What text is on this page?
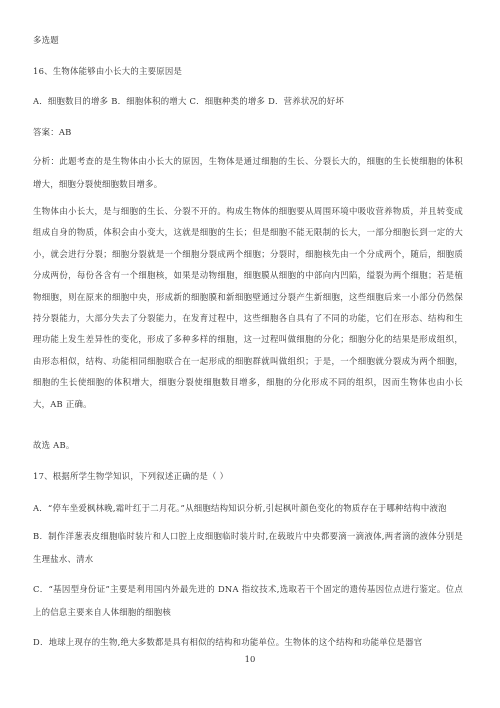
多选题
16、生物体能够由小长大的主要原因是
A．细胞数目的增多 B．细胞体积的增大 C．细胞种类的增多 D．营养状况的好坏
答案：AB
分析：此题考查的是生物体由小长大的原因，生物体是通过细胞的生长、分裂长大的，细胞的生长使细胞的体积增大，细胞分裂使细胞数目增多。
生物体由小长大，是与细胞的生长、分裂不开的。构成生物体的细胞要从周围环境中吸收营养物质，并且转变成组成自身的物质，体积会由小变大，这就是细胞的生长；但是细胞不能无限制的长大，一部分细胞长到一定的大小，就会进行分裂；细胞分裂就是一个细胞分裂成两个细胞；分裂时，细胞核先由一个分成两个，随后，细胞质分成两份，每份各含有一个细胞核，如果是动物细胞，细胞膜从细胞的中部向内凹陷，缢裂为两个细胞；若是植物细胞，则在原来的细胞中央，形成新的细胞膜和新细胞壁通过分裂产生新细胞，这些细胞后来一小部分仍然保持分裂能力，大部分失去了分裂能力，在发育过程中，这些细胞各自具有了不同的功能，它们在形态、结构和生理功能上发生差异性的变化，形成了多种多样的细胞，这一过程叫做细胞的分化；细胞分化的结果是形成组织，由形态相似，结构、功能相同细胞联合在一起形成的细胞群就叫做组织；于是，一个细胞就分裂成为两个细胞，细胞的生长使细胞的体积增大，细胞分裂使细胞数目增多，细胞的分化形成不同的组织，因而生物体也由小长大，AB 正确。
故选 AB。
17、根据所学生物学知识，下列叙述正确的是（ ）
A．“停车坐爱枫林晚,霜叶红于二月花。”从细胞结构知识分析,引起枫叶颜色变化的物质存在于哪种结构中液泡
B．制作洋葱表皮细胞临时装片和人口腔上皮细胞临时装片时,在载玻片中央都要滴一滴液体,两者滴的液体分别是生理盐水、清水
C．“基因型身份证”主要是利用国内外最先进的 DNA 指纹技术,选取若干个固定的遗传基因位点进行鉴定。位点上的信息主要来自人体细胞的细胞核
D．地球上现存的生物,绝大多数都是具有相似的结构和功能单位。生物体的这个结构和功能单位是器官
10
